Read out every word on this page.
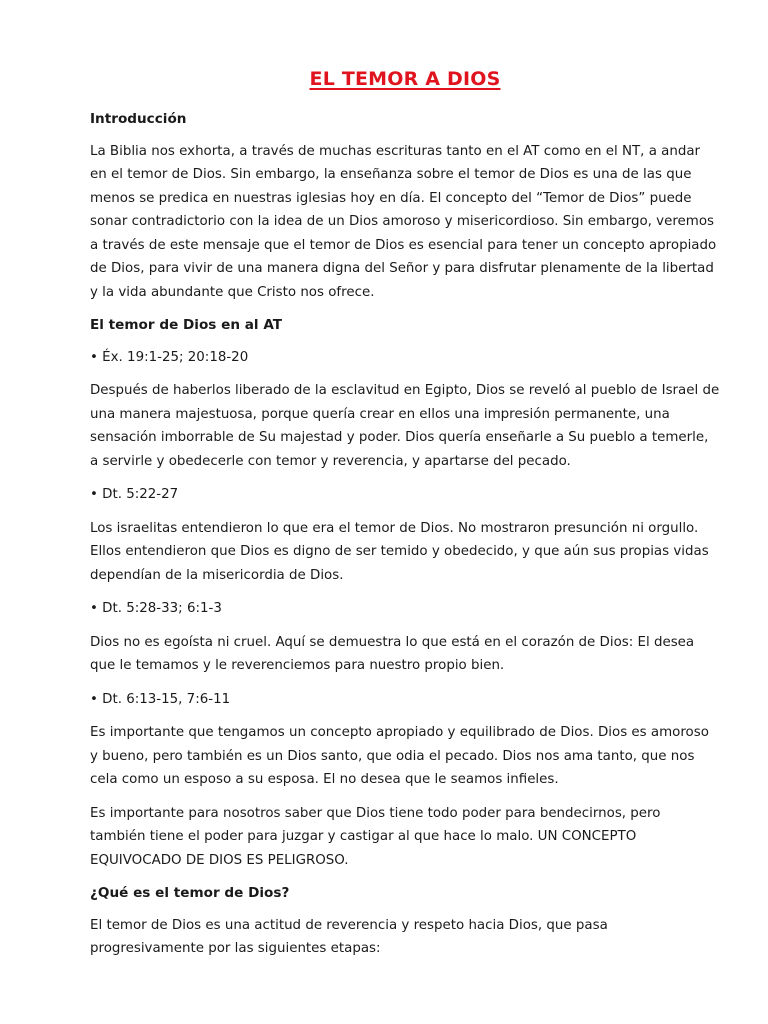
EL TEMOR A DIOS
Introducción

La Biblia nos exhorta, a través de muchas escrituras tanto en el AT como en el NT, a andar en el temor de Dios. Sin embargo, la enseñanza sobre el temor de Dios es una de las que menos se predica en nuestras iglesias hoy en día. El concepto del “Temor de Dios” puede sonar contradictorio con la idea de un Dios amoroso y misericordioso. Sin embargo, veremos a través de este mensaje que el temor de Dios es esencial para tener un concepto apropiado de Dios, para vivir de una manera digna del Señor y para disfrutar plenamente de la libertad y la vida abundante que Cristo nos ofrece.

El temor de Dios en al AT
• Éx. 19:1-25; 20:18-20

Después de haberlos liberado de la esclavitud en Egipto, Dios se reveló al pueblo de Israel de una manera majestuosa, porque quería crear en ellos una impresión permanente, una sensación imborrable de Su majestad y poder. Dios quería enseñarle a Su pueblo a temerle, a servirle y obedecerle con temor y reverencia, y apartarse del pecado.

• Dt. 5:22-27

Los israelitas entendieron lo que era el temor de Dios. No mostraron presunción ni orgullo. Ellos entendieron que Dios es digno de ser temido y obedecido, y que aún sus propias vidas dependían de la misericordia de Dios.

• Dt. 5:28-33; 6:1-3

Dios no es egoísta ni cruel. Aquí se demuestra lo que está en el corazón de Dios: El desea que le temamos y le reverenciemos para nuestro propio bien.

• Dt. 6:13-15, 7:6-11

Es importante que tengamos un concepto apropiado y equilibrado de Dios. Dios es amoroso y bueno, pero también es un Dios santo, que odia el pecado. Dios nos ama tanto, que nos cela como un esposo a su esposa. El no desea que le seamos infieles.

Es importante para nosotros saber que Dios tiene todo poder para bendecirnos, pero también tiene el poder para juzgar y castigar al que hace lo malo. UN CONCEPTO EQUIVOCADO DE DIOS ES PELIGROSO.

¿Qué es el temor de Dios?

El temor de Dios es una actitud de reverencia y respeto hacia Dios, que pasa progresivamente por las siguientes etapas:
